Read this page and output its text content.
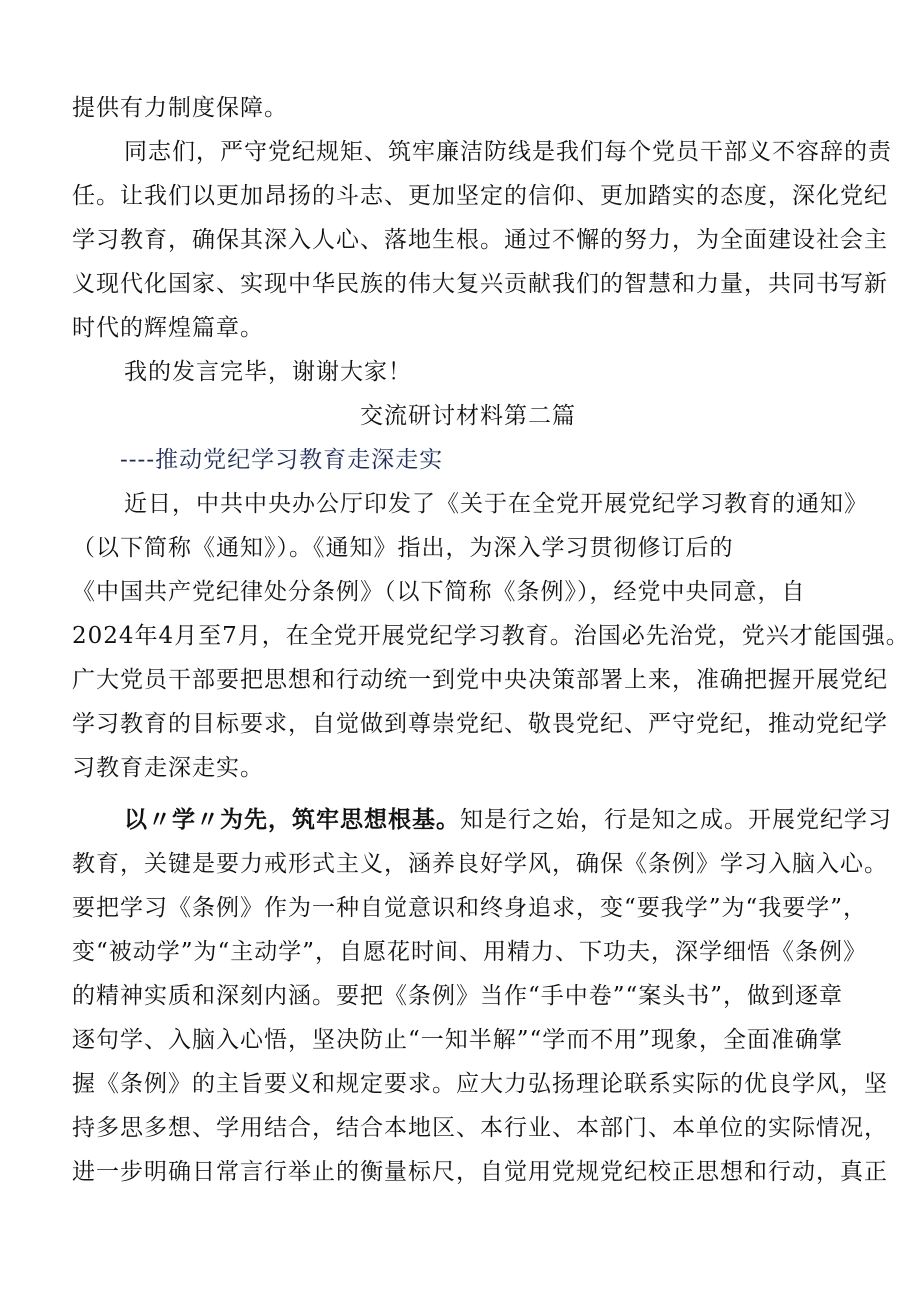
提供有力制度保障。
同志们，严守党纪规矩、筑牢廉洁防线是我们每个党员干部义不容辞的责
任。让我们以更加昂扬的斗志、更加坚定的信仰、更加踏实的态度，深化党纪
学习教育，确保其深入人心、落地生根。通过不懈的努力，为全面建设社会主
义现代化国家、实现中华民族的伟大复兴贡献我们的智慧和力量，共同书写新
时代的辉煌篇章。
我的发言完毕，谢谢大家！
交流研讨材料第二篇
----推动党纪学习教育走深走实
近日，中共中央办公厅印发了《关于在全党开展党纪学习教育的通知》
（以下简称《通知》）。《通知》指出，为深入学习贯彻修订后的
《中国共产党纪律处分条例》（以下简称《条例》），经党中央同意，自
2024年4月至7月，在全党开展党纪学习教育。治国必先治党，党兴才能国强。
广大党员干部要把思想和行动统一到党中央决策部署上来，准确把握开展党纪
学习教育的目标要求，自觉做到尊崇党纪、敬畏党纪、严守党纪，推动党纪学
习教育走深走实。
以〃学〃为先，筑牢思想根基。知是行之始，行是知之成。开展党纪学习
教育，关键是要力戒形式主义，涵养良好学风，确保《条例》学习入脑入心。
要把学习《条例》作为一种自觉意识和终身追求，变“要我学”为“我要学”，
变“被动学”为“主动学”，自愿花时间、用精力、下功夫，深学细悟《条例》
的精神实质和深刻内涵。要把《条例》当作“手中卷”“案头书”，做到逐章
逐句学、入脑入心悟，坚决防止“一知半解”“学而不用”现象，全面准确掌
握《条例》的主旨要义和规定要求。应大力弘扬理论联系实际的优良学风，坚
持多思多想、学用结合，结合本地区、本行业、本部门、本单位的实际情况，
进一步明确日常言行举止的衡量标尺，自觉用党规党纪校正思想和行动，真正
